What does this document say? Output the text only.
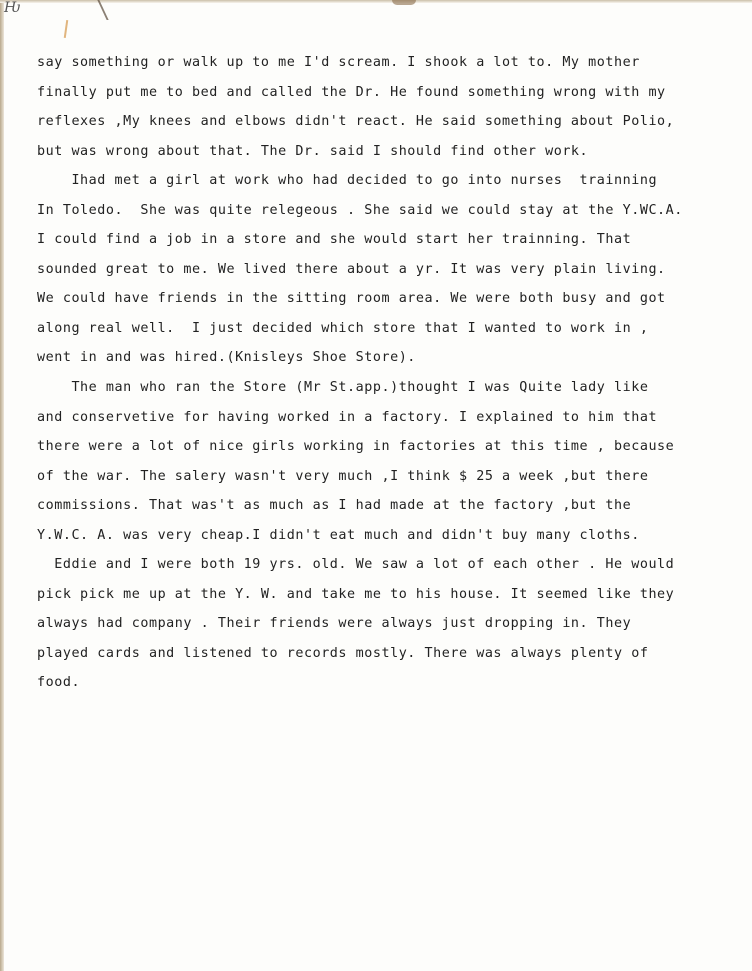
Ƕ
say something or walk up to me I'd scream. I shook a lot to. My mother
finally put me to bed and called the Dr. He found something wrong with my
reflexes ,My knees and elbows didn't react. He said something about Polio,
but was wrong about that. The Dr. said I should find other work.
Ihad met a girl at work who had decided to go into nurses  trainning
In Toledo.  She was quite relegeous . She said we could stay at the Y.WC.A.
I could find a job in a store and she would start her trainning. That
sounded great to me. We lived there about a yr. It was very plain living.
We could have friends in the sitting room area. We were both busy and got
along real well.  I just decided which store that I wanted to work in ,
went in and was hired.(Knisleys Shoe Store).
The man who ran the Store (Mr St.app.)thought I was Quite lady like
and conservetive for having worked in a factory. I explained to him that
there were a lot of nice girls working in factories at this time , because
of the war. The salery wasn't very much ,I think $ 25 a week ,but there
commissions. That was't as much as I had made at the factory ,but the
Y.W.C. A. was very cheap.I didn't eat much and didn't buy many cloths.
Eddie and I were both 19 yrs. old. We saw a lot of each other . He would
pick pick me up at the Y. W. and take me to his house. It seemed like they
always had company . Their friends were always just dropping in. They
played cards and listened to records mostly. There was always plenty of
food.
